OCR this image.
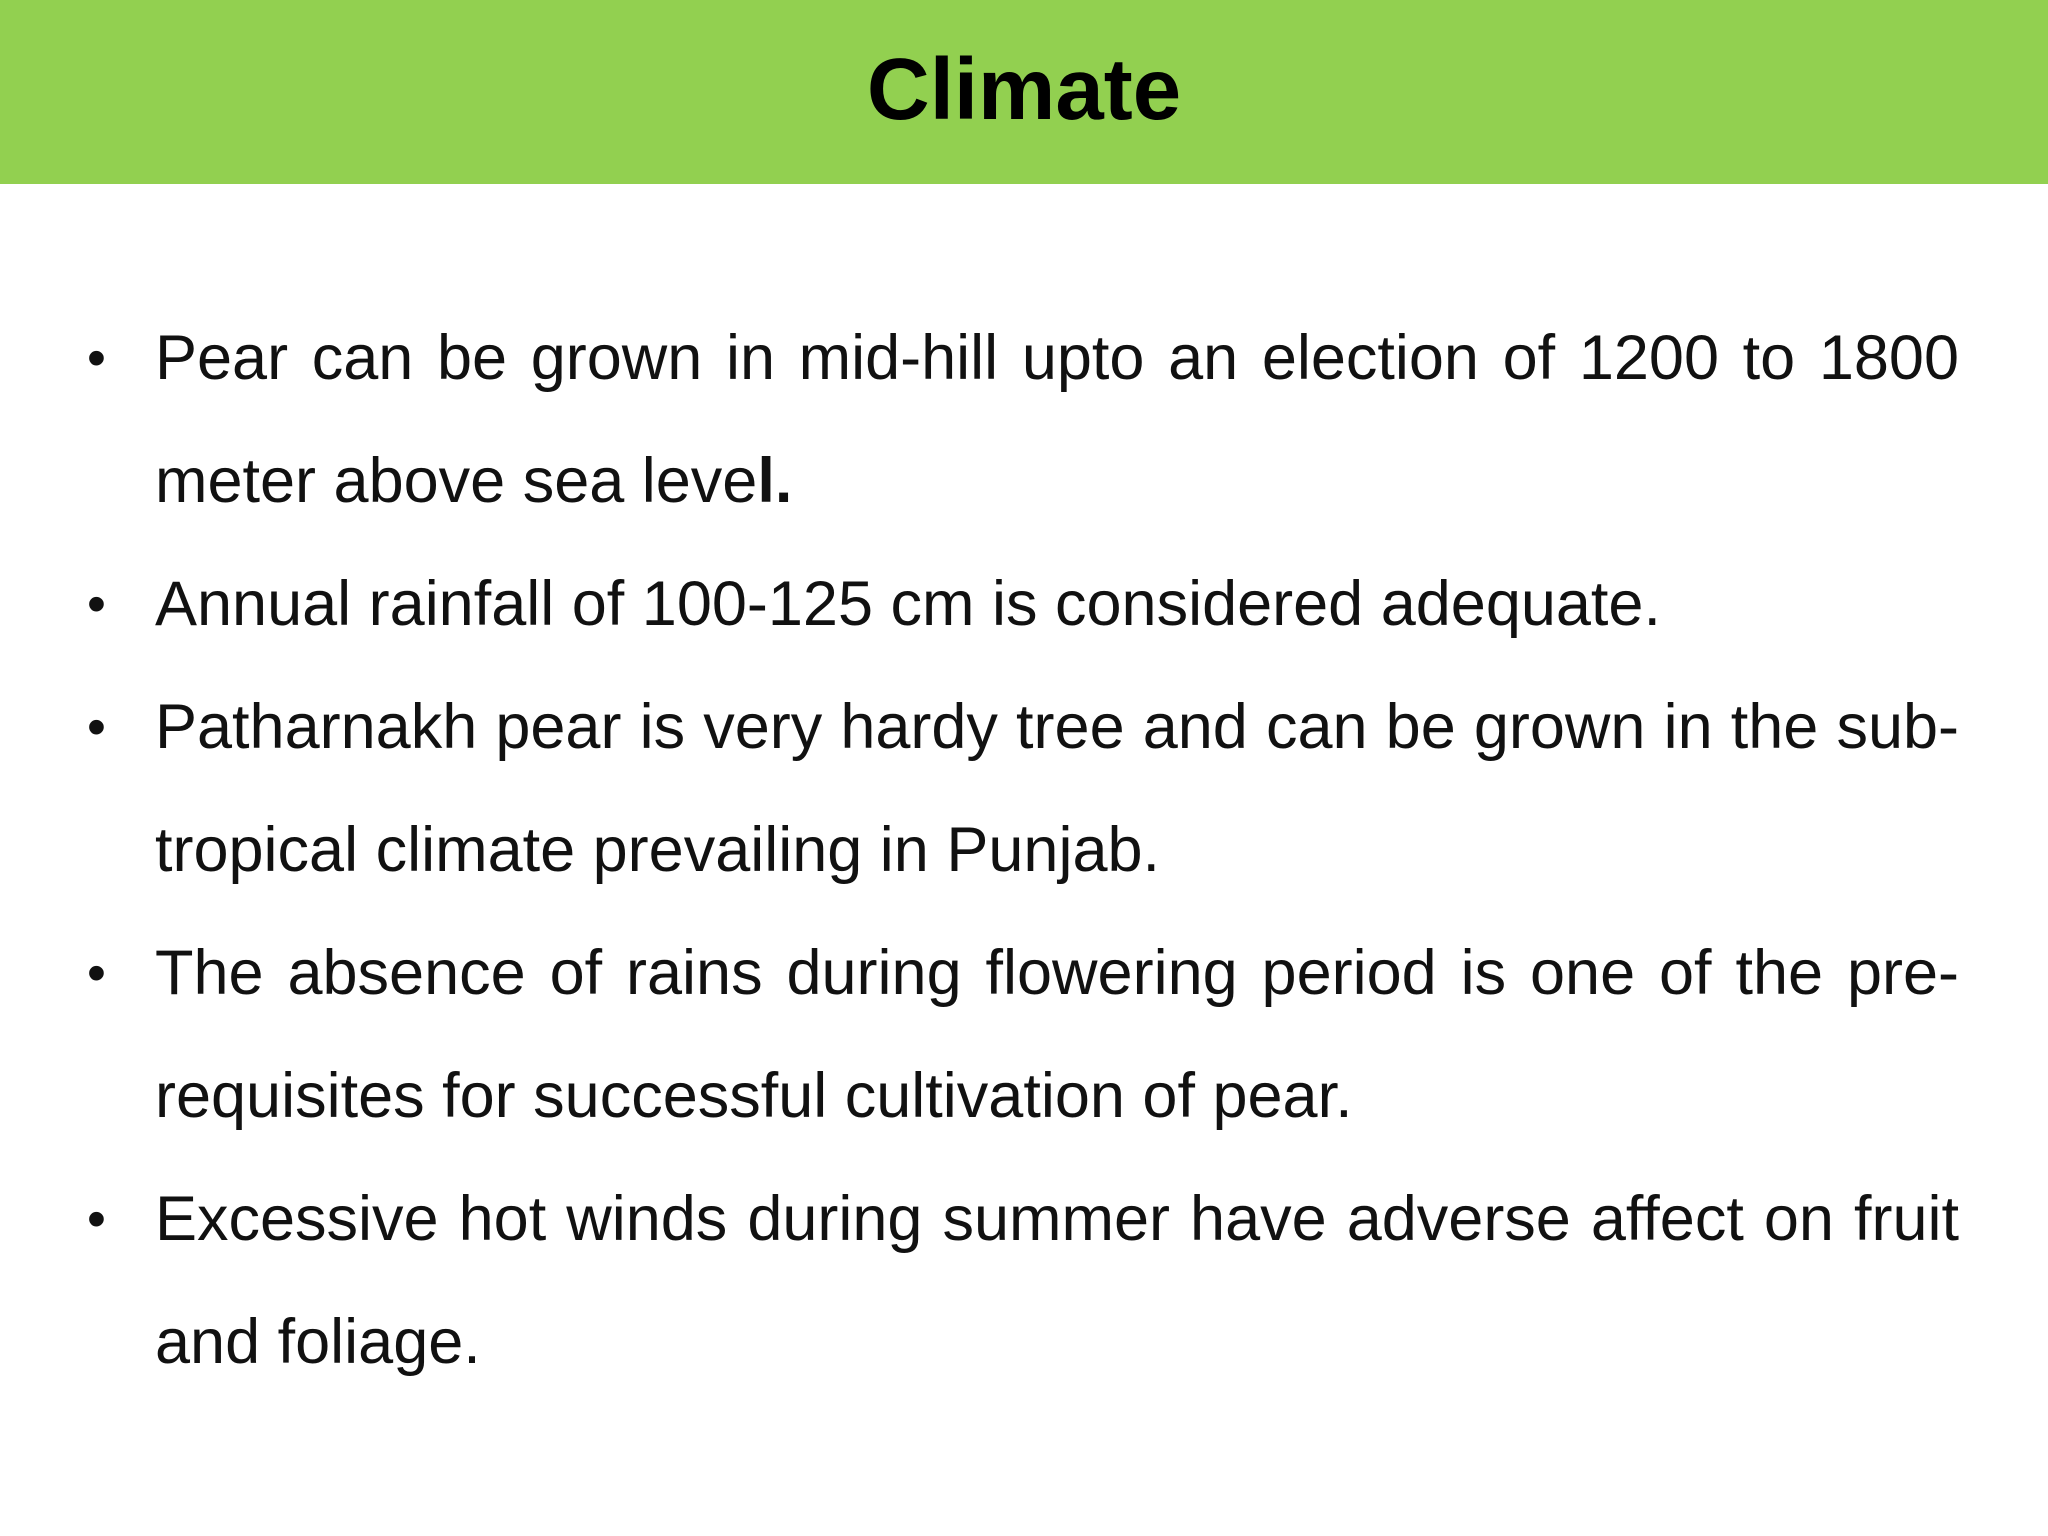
Climate
• Pear can be grown in mid-hill upto an election of 1200 to 1800 meter above sea level.
• Annual rainfall of 100-125 cm is considered adequate.
• Patharnakh pear is very hardy tree and can be grown in the sub-tropical climate prevailing in Punjab.
• The absence of rains during flowering period is one of the pre-requisites for successful cultivation of pear.
• Excessive hot winds during summer have adverse affect on fruit and foliage.
